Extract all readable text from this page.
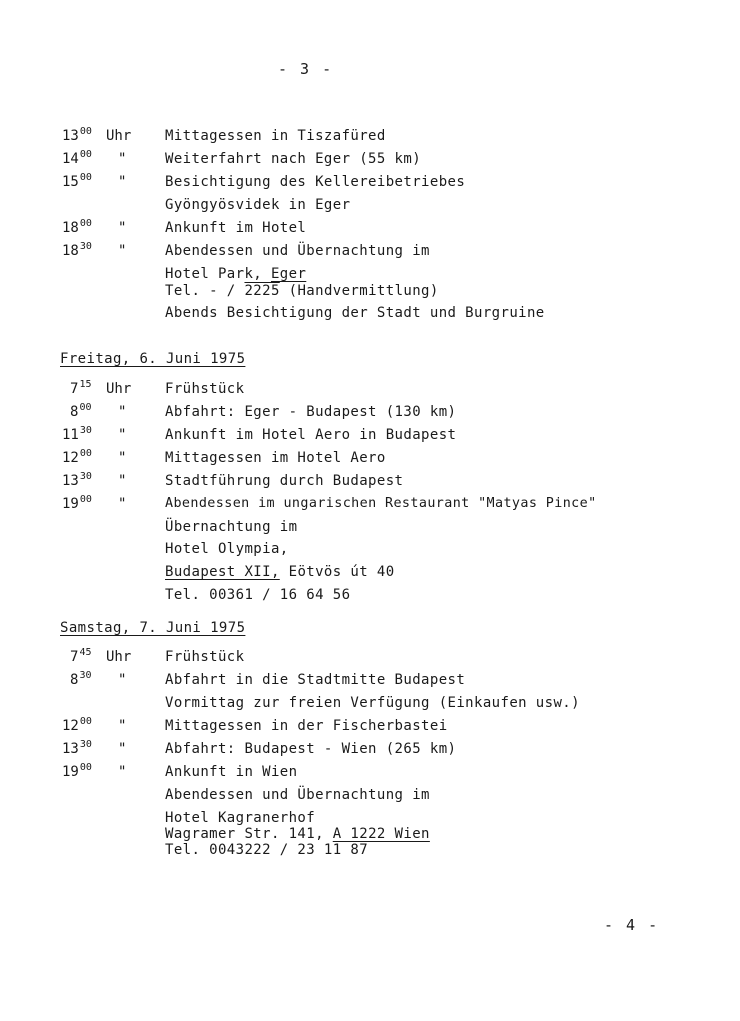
- 3 -
$13^{00}$ Uhr Mittagessen in Tiszafüred
$14^{00}$ "	Weiterfahrt nach Eger (55 km)
$15^{00}$ "	Besichtigung des Kellereibetriebes
Gyöngyösvidek in Eger
$18^{00}$ "	Ankunft im Hotel
$18^{30}$ "	Abendessen und Übernachtung im
Hotel Park, Eger
Tel. - / 2225 (Handvermittlung)
Abends Besichtigung der Stadt und Burgruine
Freitag, 6. Juni 1975
$7^{15}$ Uhr Frühstück
$8^{00}$ "	Abfahrt: Eger - Budapest (130 km)
$11^{30}$ "	Ankunft im Hotel Aero in Budapest
$12^{00}$ "	Mittagessen im Hotel Aero
$13^{30}$ "	Stadtführung durch Budapest
$19^{00}$ "	Abendessen im ungarischen Restaurant "Matyas Pince"
Übernachtung im
Hotel Olympia,
Budapest XII, Eötvös út 40
Tel. 00361 / 16 64 56
Samstag, 7. Juni 1975
$7^{45}$ Uhr Frühstück
$8^{30}$ "	Abfahrt in die Stadtmitte Budapest
Vormittag zur freien Verfügung (Einkaufen usw.)
$12^{00}$ "	Mittagessen in der Fischerbastei
$13^{30}$ "	Abfahrt: Budapest - Wien (265 km)
$19^{00}$ "	Ankunft in Wien
Abendessen und Übernachtung im
Hotel Kagranerhof
Wagramer Str. 141, A 1222 Wien
Tel. 0043222 / 23 11 87
- 4 -
